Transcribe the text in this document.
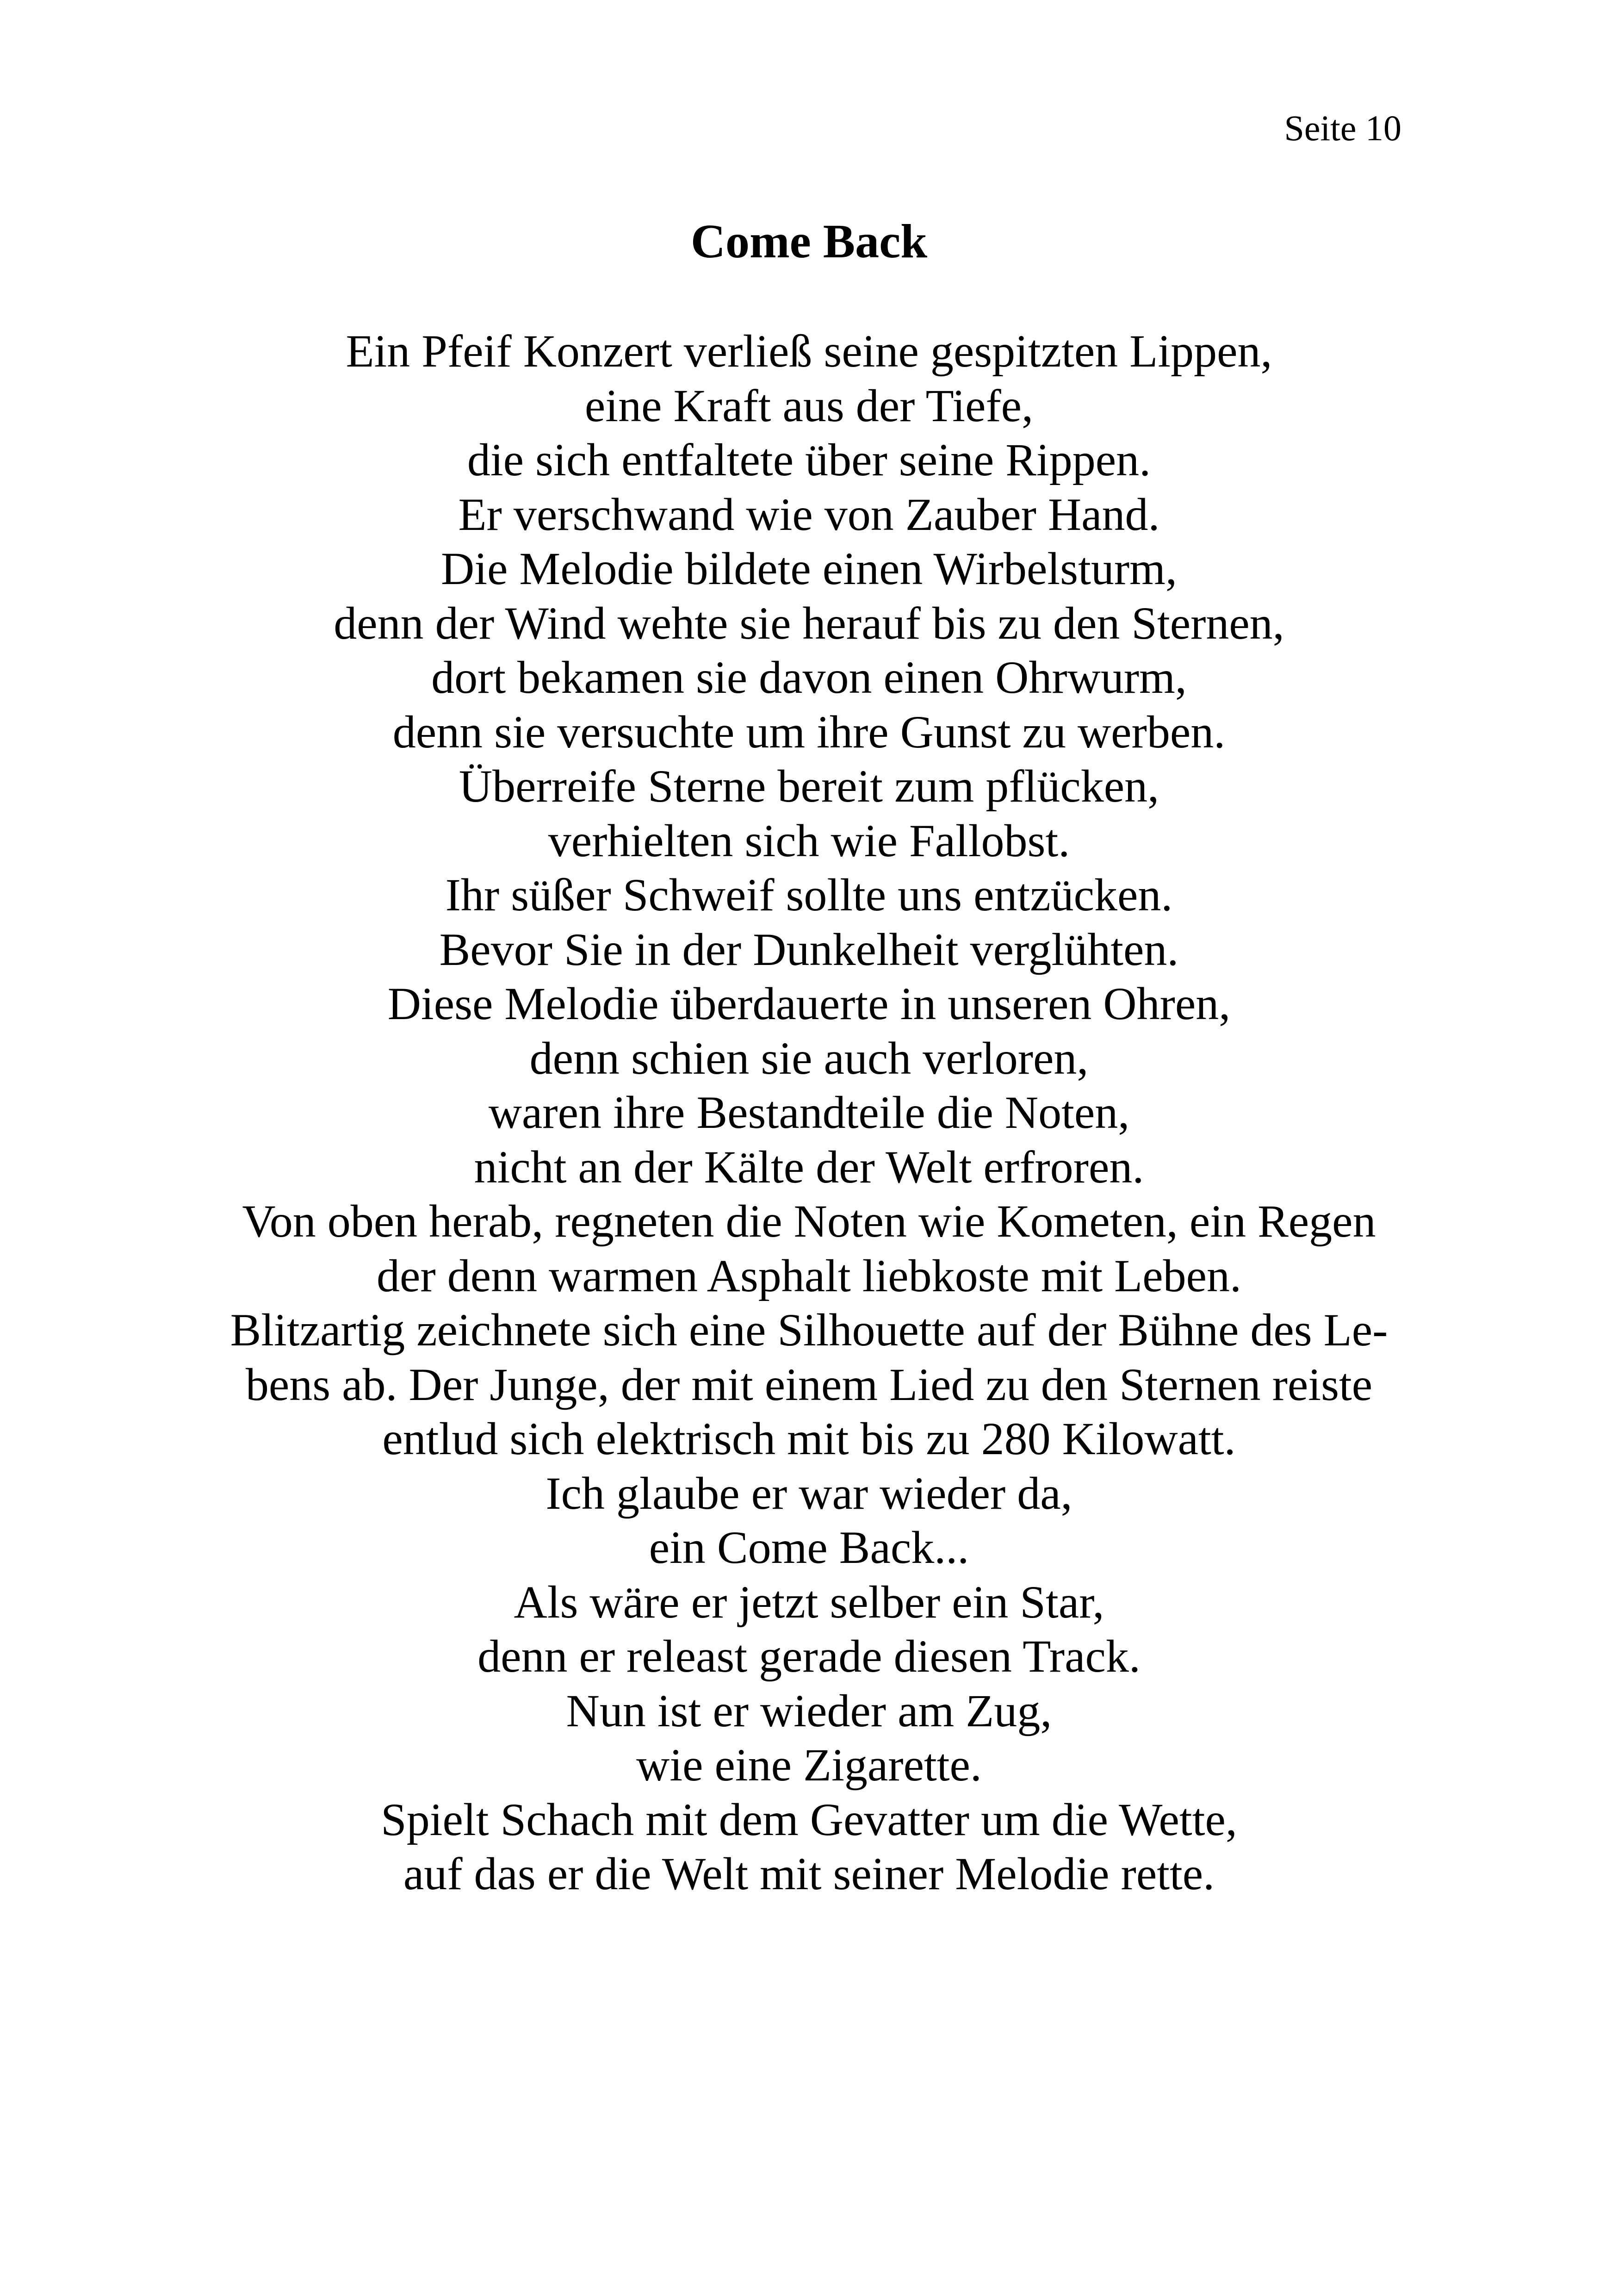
Seite 10
Come Back
Ein Pfeif Konzert verließ seine gespitzten Lippen,
eine Kraft aus der Tiefe,
die sich entfaltete über seine Rippen.
Er verschwand wie von Zauber Hand.
Die Melodie bildete einen Wirbelsturm,
denn der Wind wehte sie herauf bis zu den Sternen,
dort bekamen sie davon einen Ohrwurm,
denn sie versuchte um ihre Gunst zu werben.
Überreife Sterne bereit zum pflücken,
verhielten sich wie Fallobst.
Ihr süßer Schweif sollte uns entzücken.
Bevor Sie in der Dunkelheit verglühten.
Diese Melodie überdauerte in unseren Ohren,
denn schien sie auch verloren,
waren ihre Bestandteile die Noten,
nicht an der Kälte der Welt erfroren.
Von oben herab, regneten die Noten wie Kometen, ein Regen
der denn warmen Asphalt liebkoste mit Leben.
Blitzartig zeichnete sich eine Silhouette auf der Bühne des Le-
bens ab. Der Junge, der mit einem Lied zu den Sternen reiste
entlud sich elektrisch mit bis zu 280 Kilowatt.
Ich glaube er war wieder da,
ein Come Back...
Als wäre er jetzt selber ein Star,
denn er releast gerade diesen Track.
Nun ist er wieder am Zug,
wie eine Zigarette.
Spielt Schach mit dem Gevatter um die Wette,
auf das er die Welt mit seiner Melodie rette.
